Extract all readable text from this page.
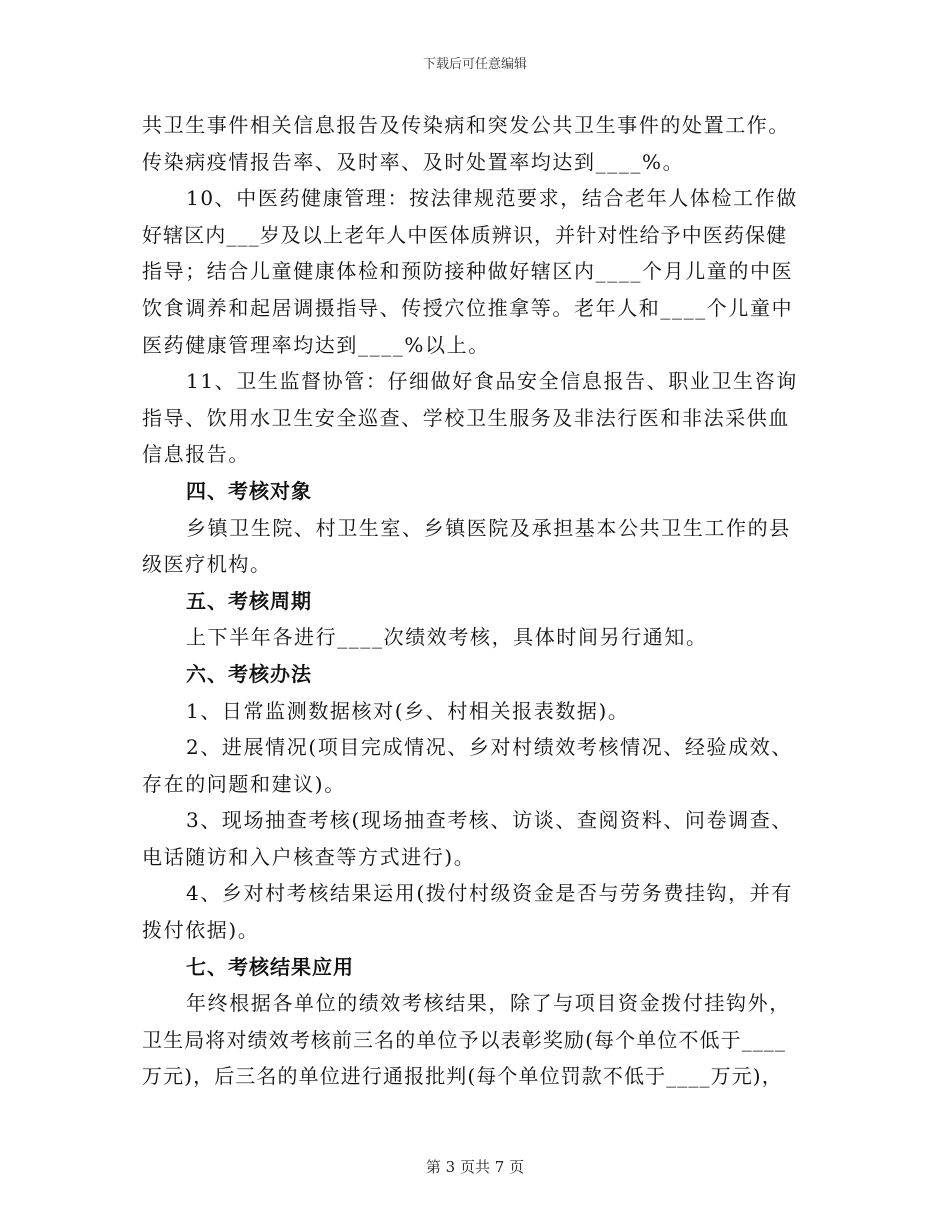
下载后可任意编辑
共卫生事件相关信息报告及传染病和突发公共卫生事件的处置工作。
传染病疫情报告率、及时率、及时处置率均达到____%。
10、中医药健康管理：按法律规范要求，结合老年人体检工作做
好辖区内___岁及以上老年人中医体质辨识，并针对性给予中医药保健
指导；结合儿童健康体检和预防接种做好辖区内____个月儿童的中医
饮食调养和起居调摄指导、传授穴位推拿等。老年人和____个儿童中
医药健康管理率均达到____%以上。
11、卫生监督协管：仔细做好食品安全信息报告、职业卫生咨询
指导、饮用水卫生安全巡查、学校卫生服务及非法行医和非法采供血
信息报告。
四、考核对象
乡镇卫生院、村卫生室、乡镇医院及承担基本公共卫生工作的县
级医疗机构。
五、考核周期
上下半年各进行____次绩效考核，具体时间另行通知。
六、考核办法
1、日常监测数据核对(乡、村相关报表数据)。
2、进展情况(项目完成情况、乡对村绩效考核情况、经验成效、
存在的问题和建议)。
3、现场抽查考核(现场抽查考核、访谈、查阅资料、问卷调查、
电话随访和入户核查等方式进行)。
4、乡对村考核结果运用(拨付村级资金是否与劳务费挂钩，并有
拨付依据)。
七、考核结果应用
年终根据各单位的绩效考核结果，除了与项目资金拨付挂钩外，
卫生局将对绩效考核前三名的单位予以表彰奖励(每个单位不低于____
万元)，后三名的单位进行通报批判(每个单位罚款不低于____万元)，
第 3 页共 7 页
